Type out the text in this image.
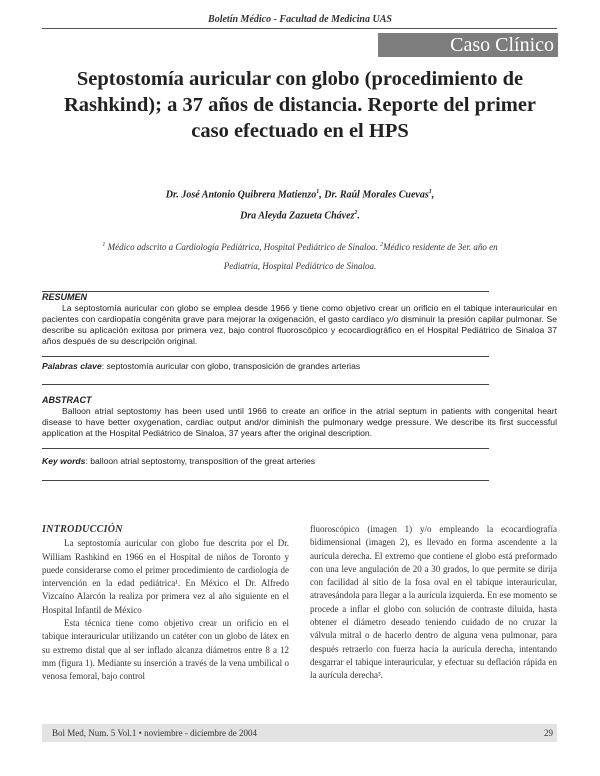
Boletín Médico - Facultad de Medicina UAS
Caso Clínico
Septostomía auricular con globo (procedimiento de Rashkind); a 37 años de distancia. Reporte del primer caso efectuado en el HPS
Dr. José Antonio Quibrera Matienzo$^1$, Dr. Raúl Morales Cuevas$^1$,
Dra Aleyda Zazueta Chávez$^2$.
$^1$ Médico adscrito a Cardiología Pediátrica, Hospital Pediátrico de Sinaloa. $^2$Médico residente de 3er. año en Pediatría, Hospital Pediátrico de Sinaloa.
RESUMEN

La septostomía auricular con globo se emplea desde 1966 y tiene como objetivo crear un orificio en el tabique interauricular en pacientes con cardiopatía congénita grave para mejorar la oxigenación, el gasto cardiaco y/o disminuir la presión capilar pulmonar. Se describe su aplicación exitosa por primera vez, bajo control fluoroscópico y ecocardiográfico en el Hospital Pediátrico de Sinaloa 37 años después de su descripción original.

Palabras clave: septostomía auricular con globo, transposición de grandes arterias
ABSTRACT

Balloon atrial septostomy has been used until 1966 to create an orifice in the atrial septum in patients with congenital heart disease to have better oxygenation, cardiac output and/or diminish the pulmonary wedge pressure. We describe its first successful application at the Hospital Pediátrico de Sinaloa, 37 years after the original description.

Key words: balloon atrial septostomy, transposition of the great arteries
INTRODUCCIÓN

La septostomía auricular con globo fue descrita por el Dr. William Rashkind en 1966 en el Hospital de niños de Toronto y puede considerarse como el primer procedimiento de cardiología de intervención en la edad pediátrica¹. En México el Dr. Alfredo Vizcaíno Alarcón la realiza por primera vez al año siguiente en el Hospital Infantil de México

Esta técnica tiene como objetivo crear un orificio en el tabique interauricular utilizando un catéter con un globo de látex en su extremo distal que al ser inflado alcanza diámetros entre 8 a 12 mm (figura 1). Mediante su inserción a través de la vena umbilical o venosa femoral, bajo control

fluoroscópico (imagen 1) y/o empleando la ecocardiografía bidimensional (imagen 2), es llevado en forma ascendente a la aurícula derecha. El extremo que contiene el globo está preformado con una leve angulación de 20 a 30 grados, lo que permite se dirija con facilidad al sitio de la fosa oval en el tabique interauricular, atravesándola para llegar a la aurícula izquierda. En ese momento se procede a inflar el globo con solución de contraste diluida, hasta obtener el diámetro deseado teniendo cuidado de no cruzar la válvula mitral o de hacerlo dentro de alguna vena pulmonar, para después retraerlo con fuerza hacia la aurícula derecha, intentando desgarrar el tabique interauricular, y efectuar su deflación rápida en la aurícula derecha³.

Bol Med, Num. 5 Vol.1 • noviembre - diciembre de 2004	29
